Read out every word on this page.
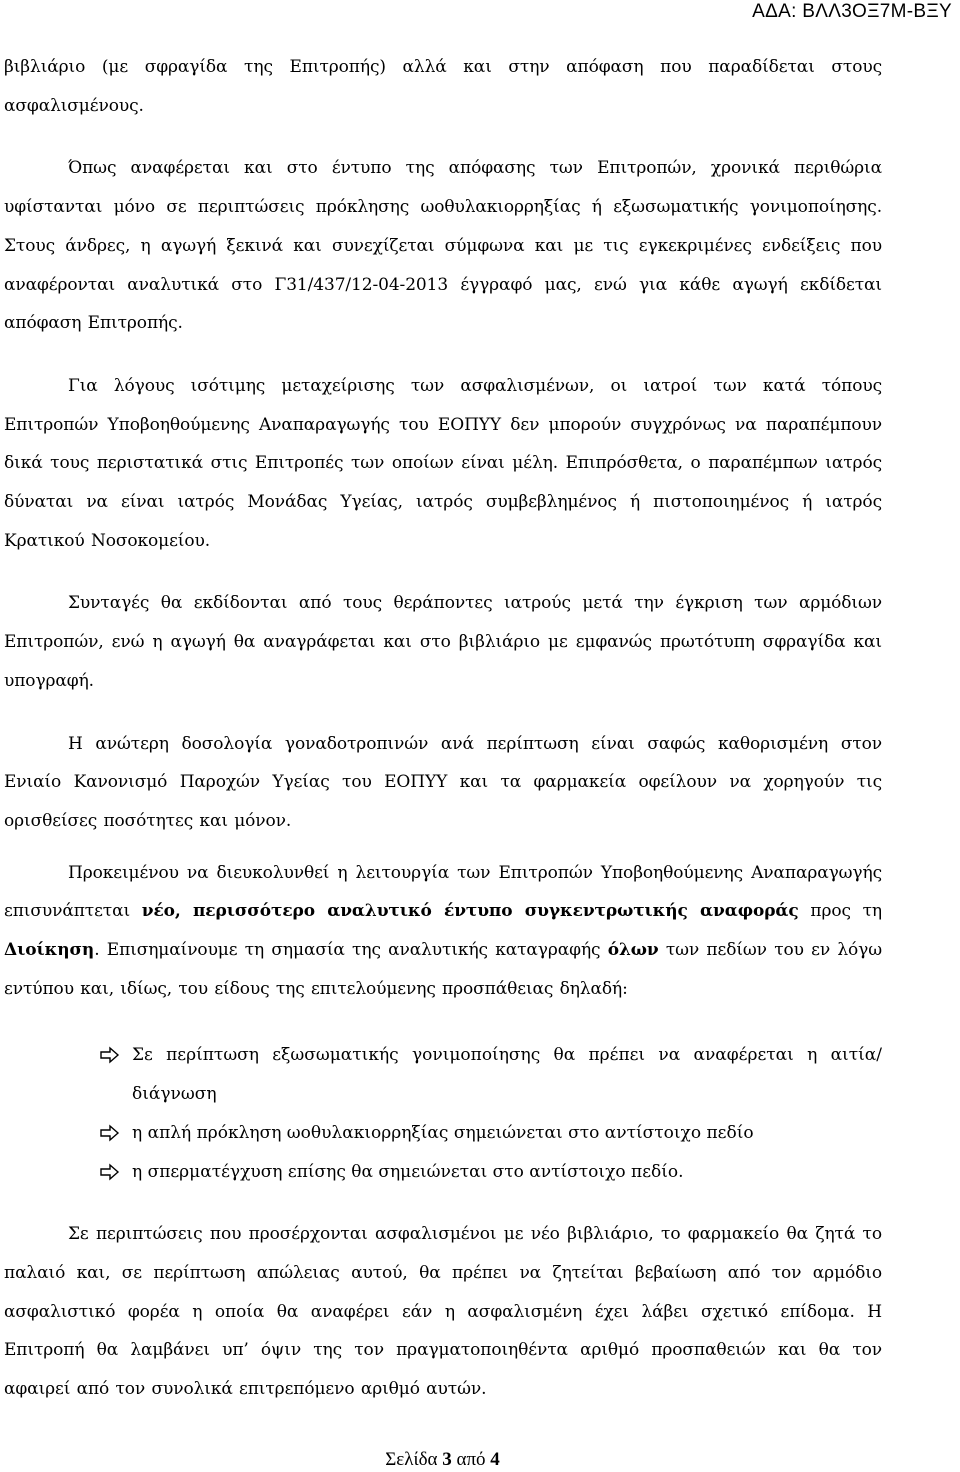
ΑΔΑ: ΒΛΛ3ΟΞ7Μ-ΒΞΥ

βιβλιάριο (με σφραγίδα της Επιτροπής) αλλά και στην απόφαση που παραδίδεται στους ασφαλισμένους.

Όπως αναφέρεται και στο έντυπο της απόφασης των Επιτροπών, χρονικά περιθώρια υφίστανται μόνο σε περιπτώσεις πρόκλησης ωοθυλακιορρηξίας ή εξωσωματικής γονιμοποίησης. Στους άνδρες, η αγωγή ξεκινά και συνεχίζεται σύμφωνα και με τις εγκεκριμένες ενδείξεις που αναφέρονται αναλυτικά στο Γ31/437/12-04-2013 έγγραφό μας, ενώ για κάθε αγωγή εκδίδεται απόφαση Επιτροπής.

Για λόγους ισότιμης μεταχείρισης των ασφαλισμένων, οι ιατροί των κατά τόπους Επιτροπών Υποβοηθούμενης Αναπαραγωγής του ΕΟΠΥΥ δεν μπορούν συγχρόνως να παραπέμπουν δικά τους περιστατικά στις Επιτροπές των οποίων είναι μέλη. Επιπρόσθετα, ο παραπέμπων ιατρός δύναται να είναι ιατρός Μονάδας Υγείας, ιατρός συμβεβλημένος ή πιστοποιημένος ή ιατρός Κρατικού Νοσοκομείου.

Συνταγές θα εκδίδονται από τους θεράποντες ιατρούς μετά την έγκριση των αρμόδιων Επιτροπών, ενώ η αγωγή θα αναγράφεται και στο βιβλιάριο με εμφανώς πρωτότυπη σφραγίδα και υπογραφή.

Η ανώτερη δοσολογία γοναδοτροπινών ανά περίπτωση είναι σαφώς καθορισμένη στον Ενιαίο Κανονισμό Παροχών Υγείας του ΕΟΠΥΥ και τα φαρμακεία οφείλουν να χορηγούν τις ορισθείσες ποσότητες και μόνον.

Προκειμένου να διευκολυνθεί η λειτουργία των Επιτροπών Υποβοηθούμενης Αναπαραγωγής επισυνάπτεται νέο, περισσότερο αναλυτικό έντυπο συγκεντρωτικής αναφοράς προς τη Διοίκηση. Επισημαίνουμε τη σημασία της αναλυτικής καταγραφής όλων των πεδίων του εν λόγω εντύπου και, ιδίως, του είδους της επιτελούμενης προσπάθειας δηλαδή:

Σε περίπτωση εξωσωματικής γονιμοποίησης θα πρέπει να αναφέρεται η αιτία/διάγνωση
η απλή πρόκληση ωοθυλακιορρηξίας σημειώνεται στο αντίστοιχο πεδίο
η σπερματέγχυση επίσης θα σημειώνεται στο αντίστοιχο πεδίο.

Σε περιπτώσεις που προσέρχονται ασφαλισμένοι με νέο βιβλιάριο, το φαρμακείο θα ζητά το παλαιό και, σε περίπτωση απώλειας αυτού, θα πρέπει να ζητείται βεβαίωση από τον αρμόδιο ασφαλιστικό φορέα η οποία θα αναφέρει εάν η ασφαλισμένη έχει λάβει σχετικό επίδομα. Η Επιτροπή θα λαμβάνει υπ’ όψιν της τον πραγματοποιηθέντα αριθμό προσπαθειών και θα τον αφαιρεί από τον συνολικά επιτρεπόμενο αριθμό αυτών.

Σελίδα 3 από 4
